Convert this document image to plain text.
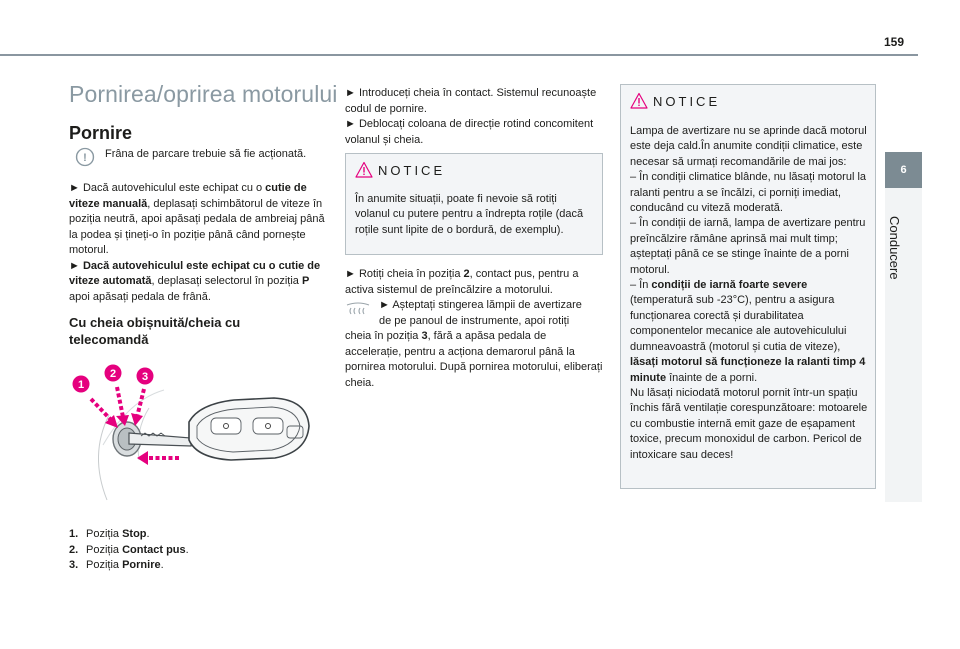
159
6
Conducere
Pornirea/oprirea motorului
Pornire
! Frâna de parcare trebuie să fie acționată.

► Dacă autovehiculul este echipat cu o cutie de viteze manuală, deplasați schimbătorul de viteze în poziția neutră, apoi apăsați pedala de ambreiaj până la podea și țineți-o în poziție până când pornește motorul.

► Dacă autovehiculul este echipat cu o cutie de viteze automată, deplasați selectorul în poziția P apoi apăsați pedala de frână.

Cu cheia obișnuită/cheia cu telecomandă
1
2 3
1. Poziția Stop.
2. Poziția Contact pus.
3. Poziția Pornire.

► Introduceți cheia în contact. Sistemul recunoaște codul de pornire.

► Deblocați coloana de direcție rotind concomitent volanul și cheia.

NOTICE

În anumite situații, poate fi nevoie să rotiți volanul cu putere pentru a îndrepta roțile (dacă roțile sunt lipite de o bordură, de exemplu).

► Rotiți cheia în poziția 2, contact pus, pentru a activa sistemul de preîncălzire a motorului.

► Așteptați stingerea lămpii de avertizare

de pe panoul de instrumente, apoi rotiți

cheia în poziția 3, fără a apăsa pedala de accelerație, pentru a acționa demarorul până la pornirea motorului. După pornirea motorului, eliberați cheia.

NOTICE

Lampa de avertizare nu se aprinde dacă motorul este deja cald.În anumite condiții climatice, este necesar să urmați recomandările de mai jos:

– În condiții climatice blânde, nu lăsați motorul la ralanti pentru a se încălzi, ci porniți imediat, conducând cu viteză moderată.

– În condiții de iarnă, lampa de avertizare pentru preîncălzire rămâne aprinsă mai mult timp; așteptați până ce se stinge înainte de a porni motorul.

– În condiții de iarnă foarte severe (temperatură sub -23°C), pentru a asigura funcționarea corectă și durabilitatea componentelor mecanice ale autovehiculului dumneavoastră (motorul și cutia de viteze), lăsați motorul să funcționeze la ralanti timp 4 minute înainte de a porni.

Nu lăsați niciodată motorul pornit într-un spațiu închis fără ventilație corespunzătoare: motoarele cu combustie internă emit gaze de eșapament toxice, precum monoxidul de carbon. Pericol de intoxicare sau deces!
